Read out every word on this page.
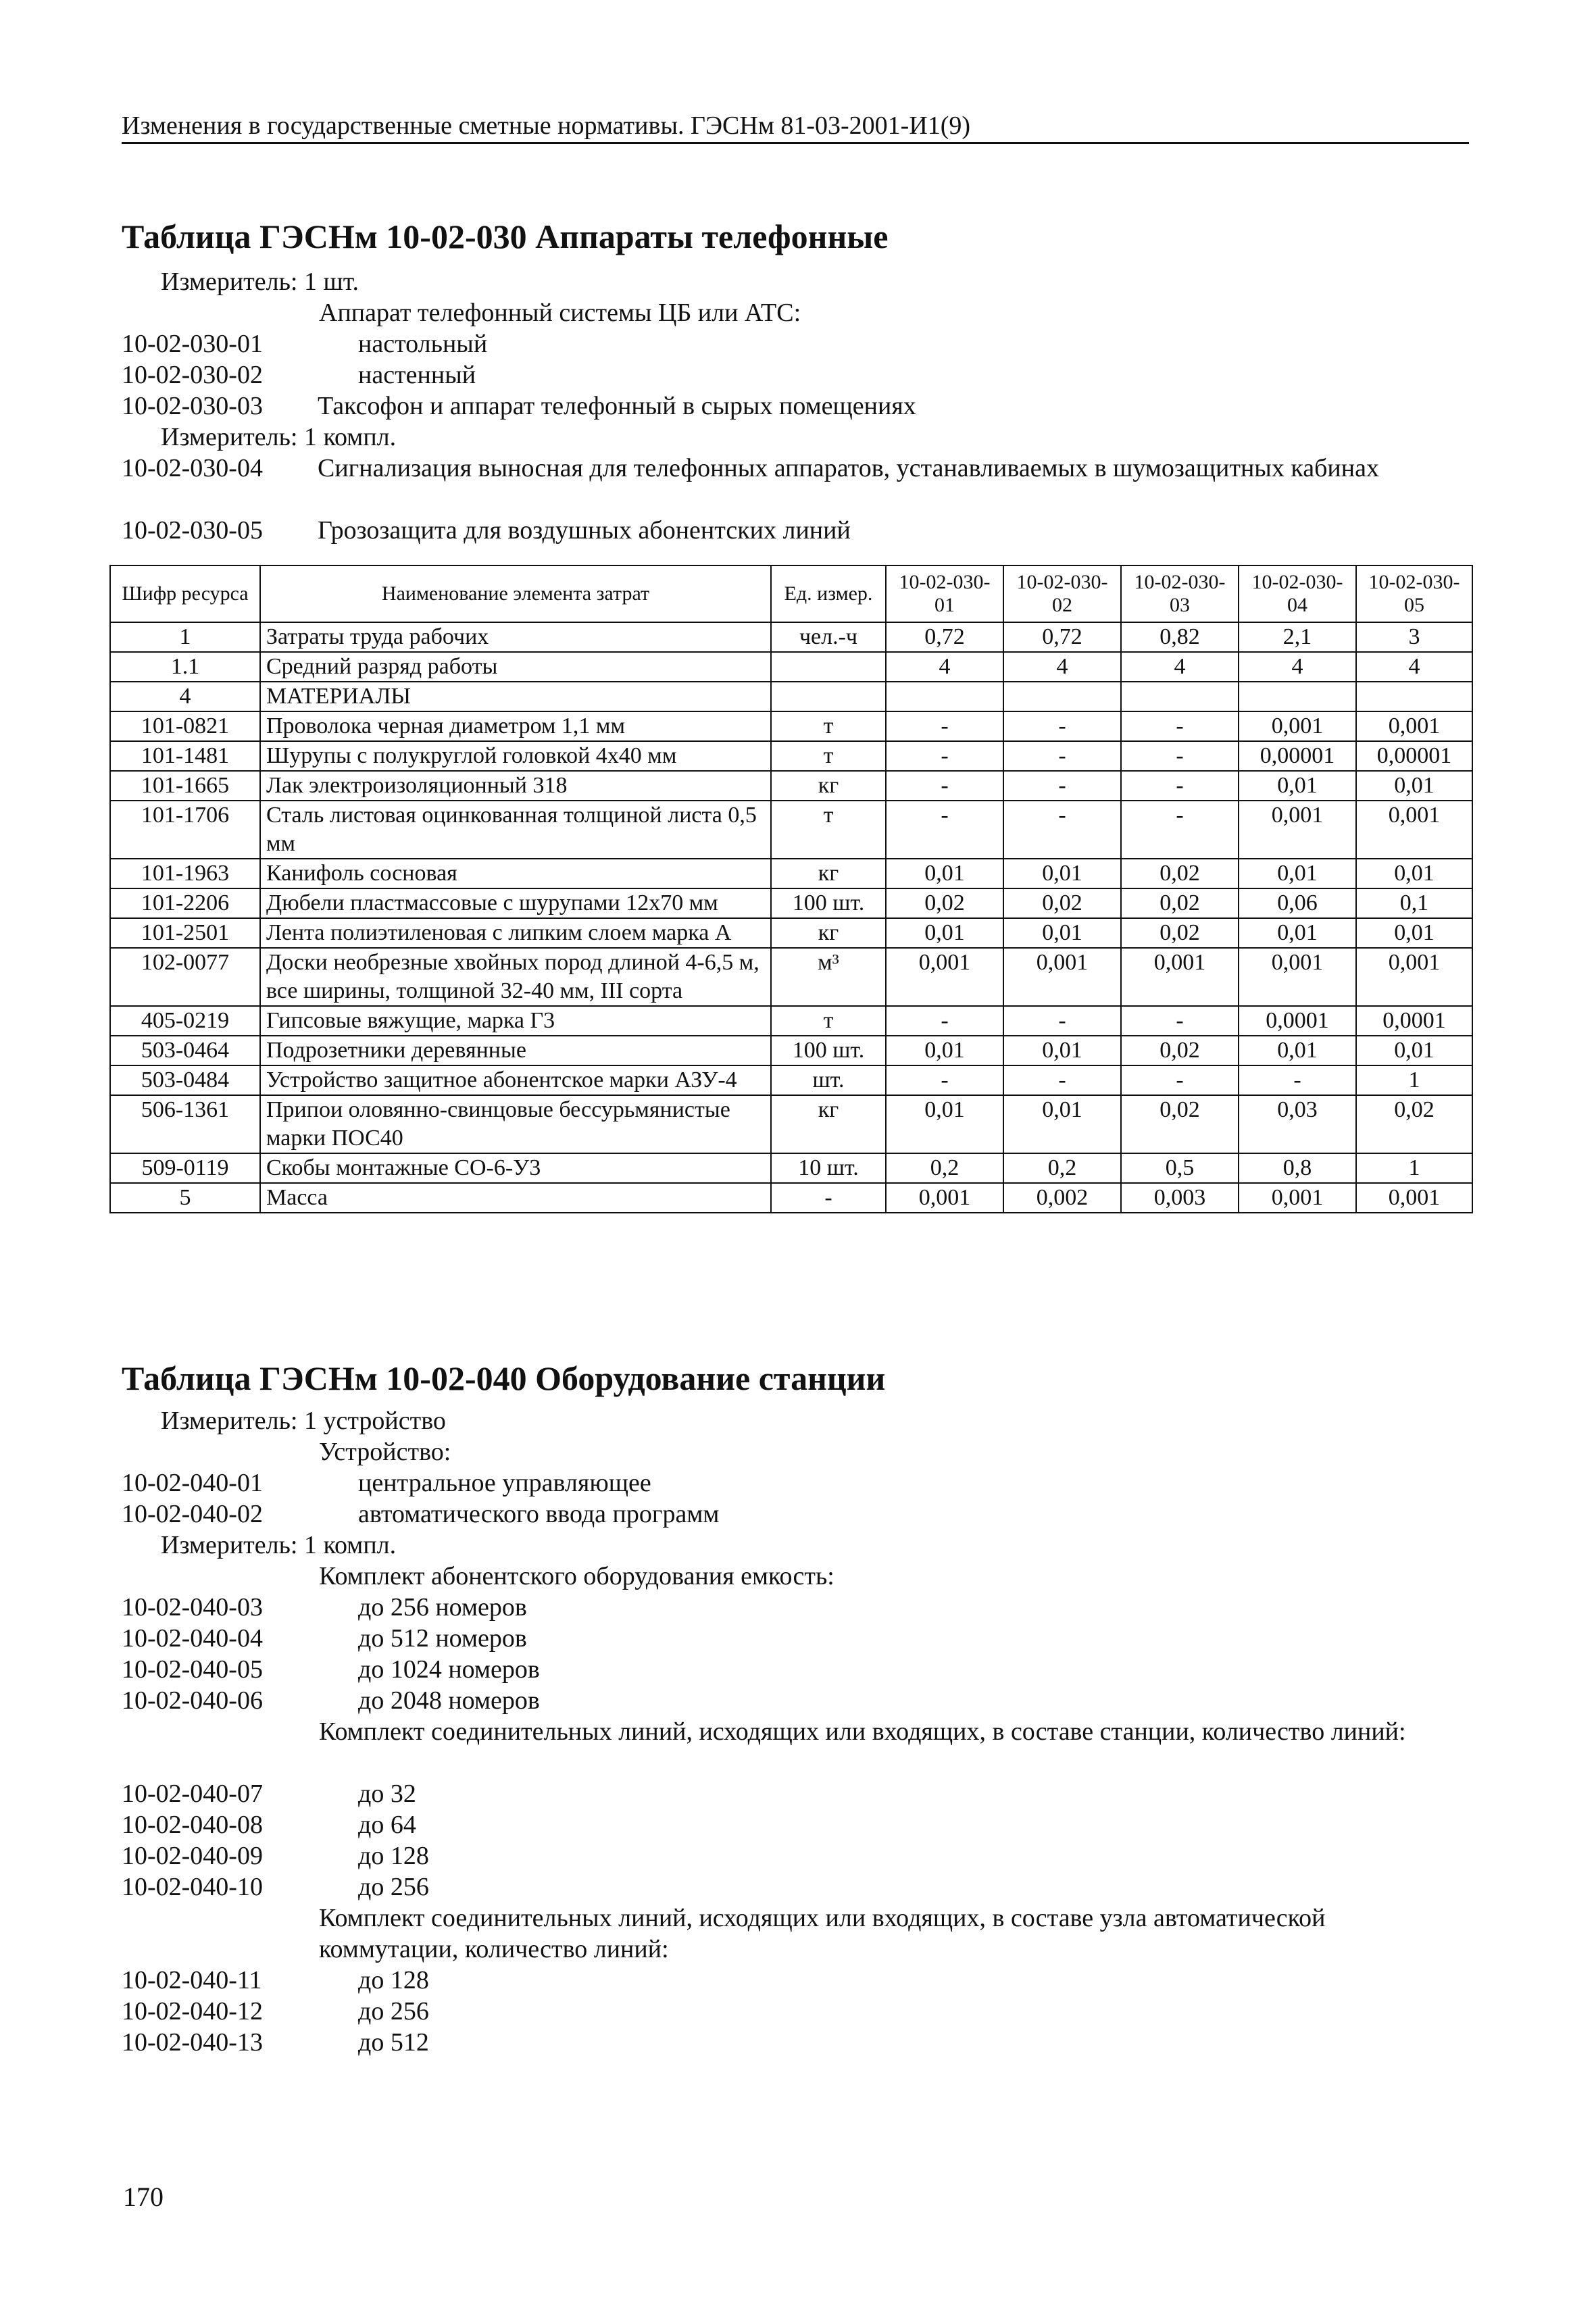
Изменения в государственные сметные нормативы. ГЭСНм 81-03-2001-И1(9)
Таблица ГЭСНм 10-02-030 Аппараты телефонные
Измеритель: 1 шт.
Аппарат телефонный системы ЦБ или АТС:
10-02-030-01	настольный
10-02-030-02	настенный
10-02-030-03 Таксофон и аппарат телефонный в сырых помещениях
Измеритель: 1 компл.
10-02-030-04 Сигнализация выносная для телефонных аппаратов, устанавливаемых в шумозащитных кабинах
10-02-030-05 Грозозащита для воздушных абонентских линий
Шифр ресурса	Наименование элемента затрат	Ед. измер.	10-02-030-01	10-02-030-02	10-02-030-03	10-02-030-04	10-02-030-05
1	Затраты труда рабочих	чел.-ч	0,72	0,72	0,82	2,1	3
1.1	Средний разряд работы		4	4	4	4	4
4	МАТЕРИАЛЫ						
101-0821	Проволока черная диаметром 1,1 мм	т	-	-	-	0,001	0,001
101-1481	Шурупы с полукруглой головкой 4х40 мм	т	-	-	-	0,00001	0,00001
101-1665	Лак электроизоляционный 318	кг	-	-	-	0,01	0,01
101-1706	Сталь листовая оцинкованная толщиной листа 0,5 мм	т	-	-	-	0,001	0,001
101-1963	Канифоль сосновая	кг	0,01	0,01	0,02	0,01	0,01
101-2206	Дюбели пластмассовые с шурупами 12х70 мм	100 шт.	0,02	0,02	0,02	0,06	0,1
101-2501	Лента полиэтиленовая с липким слоем марка А	кг	0,01	0,01	0,02	0,01	0,01
102-0077	Доски необрезные хвойных пород длиной 4-6,5 м, все ширины, толщиной 32-40 мм, III сорта	м³	0,001	0,001	0,001	0,001	0,001
405-0219	Гипсовые вяжущие, марка Г3	т	-	-	-	0,0001	0,0001
503-0464	Подрозетники деревянные	100 шт.	0,01	0,01	0,02	0,01	0,01
503-0484	Устройство защитное абонентское марки АЗУ-4	шт.	-	-	-	-	1
506-1361	Припои оловянно-свинцовые бессурьмянистые марки ПОС40	кг	0,01	0,01	0,02	0,03	0,02
509-0119	Скобы монтажные СО-6-У3	10 шт.	0,2	0,2	0,5	0,8	1
5	Масса	-	0,001	0,002	0,003	0,001	0,001
Таблица ГЭСНм 10-02-040 Оборудование станции
Измеритель: 1 устройство
Устройство:
10-02-040-01	центральное управляющее
10-02-040-02	автоматического ввода программ
Измеритель: 1 компл.
Комплект абонентского оборудования емкость:
10-02-040-03	до 256 номеров
10-02-040-04	до 512 номеров
10-02-040-05	до 1024 номеров
10-02-040-06	до 2048 номеров
Комплект соединительных линий, исходящих или входящих, в составе станции, количество линий:
10-02-040-07	до 32
10-02-040-08	до 64
10-02-040-09	до 128
10-02-040-10	до 256
Комплект соединительных линий, исходящих или входящих, в составе узла автоматической коммутации, количество линий:
10-02-040-11	до 128
10-02-040-12	до 256
10-02-040-13	до 512
170
